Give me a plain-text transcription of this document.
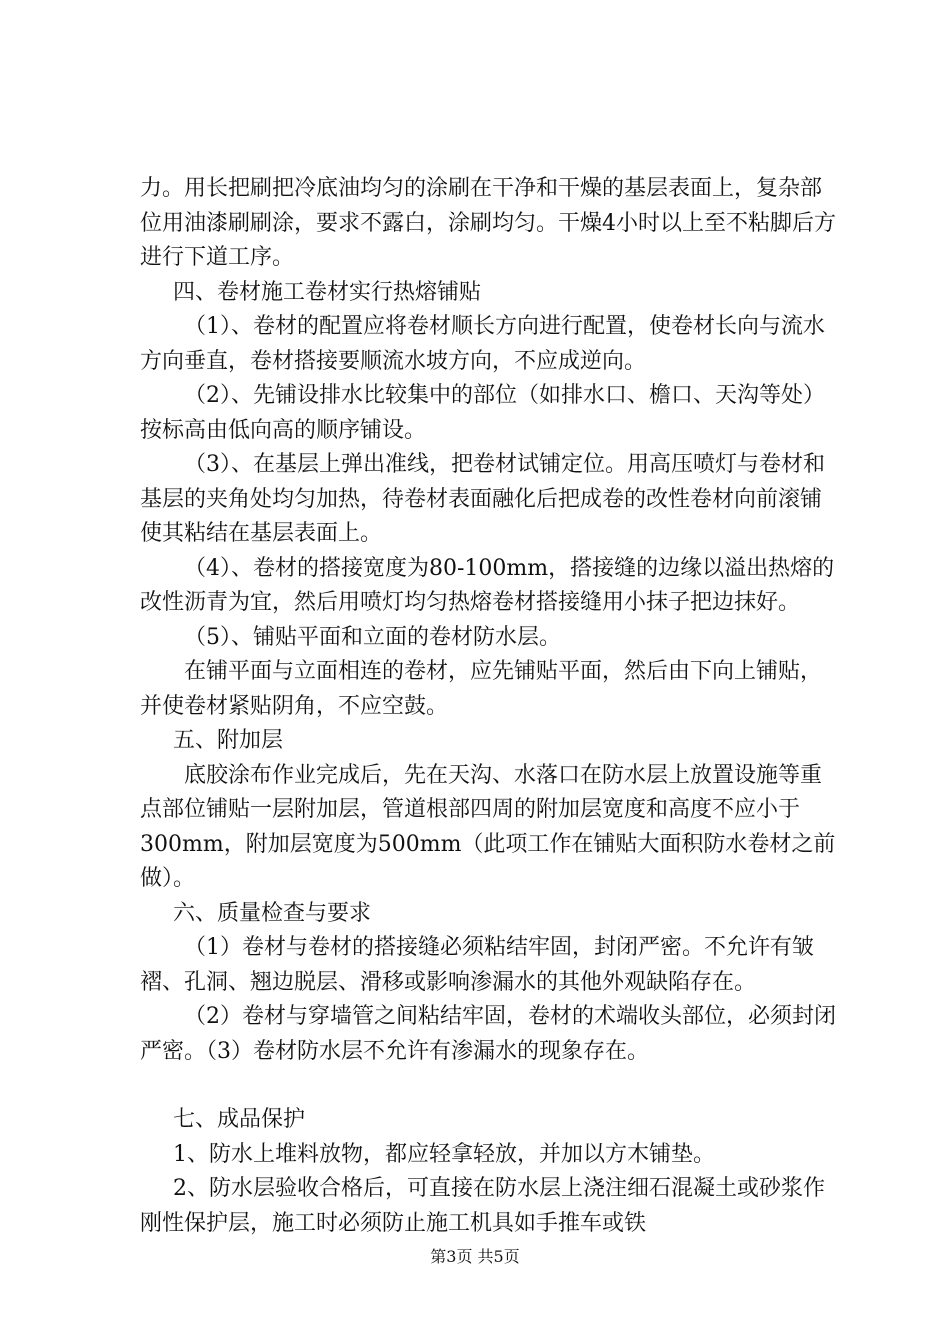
力。用长把刷把冷底油均匀的涂刷在干净和干燥的基层表面上，复杂部位用油漆刷刷涂，要求不露白，涂刷均匀。干燥4小时以上至不粘脚后方进行下道工序。

四、卷材施工卷材实行热熔铺贴

（1）、卷材的配置应将卷材顺长方向进行配置，使卷材长向与流水方向垂直，卷材搭接要顺流水坡方向，不应成逆向。

（2）、先铺设排水比较集中的部位（如排水口、檐口、天沟等处）按标高由低向高的顺序铺设。

（3）、在基层上弹出准线，把卷材试铺定位。用高压喷灯与卷材和基层的夹角处均匀加热，待卷材表面融化后把成卷的改性卷材向前滚铺使其粘结在基层表面上。

（4）、卷材的搭接宽度为80-100mm，搭接缝的边缘以溢出热熔的改性沥青为宜，然后用喷灯均匀热熔卷材搭接缝用小抹子把边抹好。

（5）、铺贴平面和立面的卷材防水层。

在铺平面与立面相连的卷材，应先铺贴平面，然后由下向上铺贴，并使卷材紧贴阴角，不应空鼓。

五、附加层

底胶涂布作业完成后，先在天沟、水落口在防水层上放置设施等重点部位铺贴一层附加层，管道根部四周的附加层宽度和高度不应小于300mm，附加层宽度为500mm（此项工作在铺贴大面积防水卷材之前做）。

六、质量检查与要求

（1）卷材与卷材的搭接缝必须粘结牢固，封闭严密。不允许有皱褶、孔洞、翘边脱层、滑移或影响渗漏水的其他外观缺陷存在。

（2）卷材与穿墙管之间粘结牢固，卷材的术端收头部位，必须封闭严密。（3）卷材防水层不允许有渗漏水的现象存在。

七、成品保护

1、防水上堆料放物，都应轻拿轻放，并加以方木铺垫。

2、防水层验收合格后，可直接在防水层上浇注细石混凝土或砂浆作刚性保护层，施工时必须防止施工机具如手推车或铁

第3页 共5页
